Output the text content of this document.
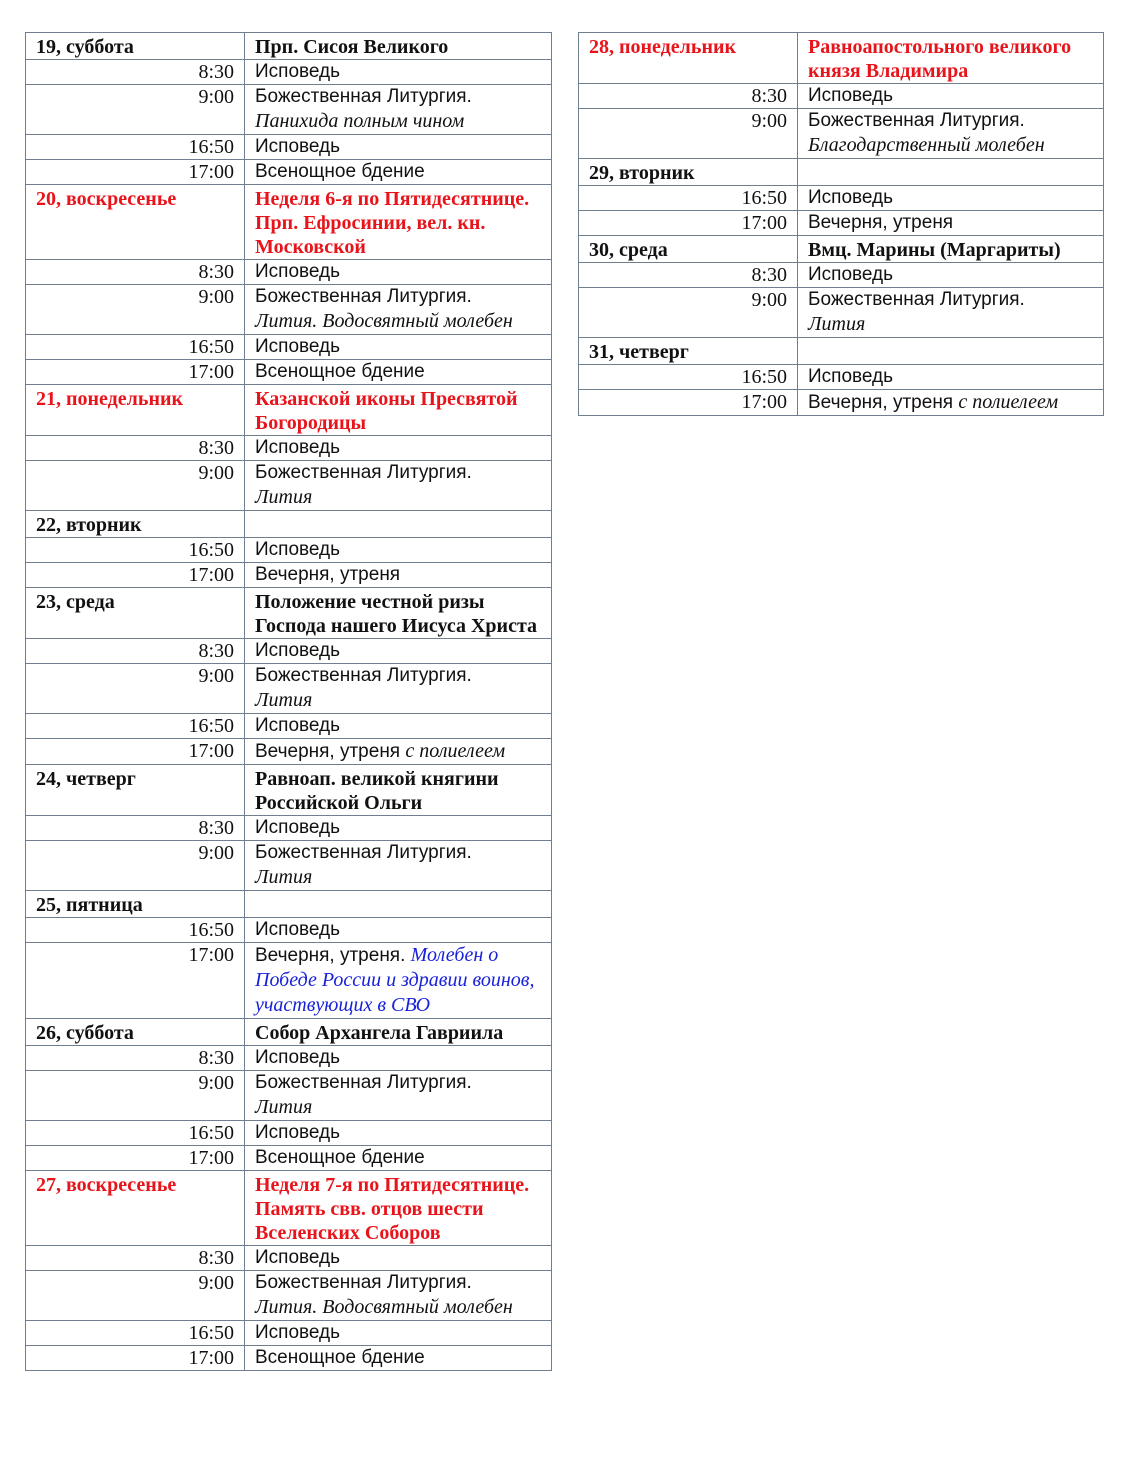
19, суббота	Прп. Сисоя Великого
8:30	Исповедь
9:00	Божественная Литургия.
Панихида полным чином
16:50	Исповедь
17:00	Всенощное бдение
20, воскресенье	Неделя 6-я по Пятидесятнице. Прп. Ефросинии, вел. кн. Московской
8:30	Исповедь
9:00	Божественная Литургия.
Лития. Водосвятный молебен
16:50	Исповедь
17:00	Всенощное бдение
21, понедельник	Казанской иконы Пресвятой Богородицы
8:30	Исповедь
9:00	Божественная Литургия.
Лития
22, вторник	
16:50	Исповедь
17:00	Вечерня, утреня
23, среда	Положение честной ризы Господа нашего Иисуса Христа
8:30	Исповедь
9:00	Божественная Литургия.
Лития
16:50	Исповедь
17:00	Вечерня, утреня с полиелеем
24, четверг	Равноап. великой княгини Российской Ольги
8:30	Исповедь
9:00	Божественная Литургия.
Лития
25, пятница	
16:50	Исповедь
17:00	Вечерня, утреня. Молебен о Победе России и здравии воинов, участвующих в СВО
26, суббота	Собор Архангела Гавриила
8:30	Исповедь
9:00	Божественная Литургия.
Лития
16:50	Исповедь
17:00	Всенощное бдение
27, воскресенье	Неделя 7-я по Пятидесятнице. Память свв. отцов шести Вселенских Соборов
8:30	Исповедь
9:00	Божественная Литургия.
Лития. Водосвятный молебен
16:50	Исповедь
17:00	Всенощное бдение
28, понедельник	Равноапостольного великого князя Владимира
8:30	Исповедь
9:00	Божественная Литургия.
Благодарственный молебен
29, вторник	
16:50	Исповедь
17:00	Вечерня, утреня
30, среда	Вмц. Марины (Маргариты)
8:30	Исповедь
9:00	Божественная Литургия.
Лития
31, четверг	
16:50	Исповедь
17:00	Вечерня, утреня с полиелеем
